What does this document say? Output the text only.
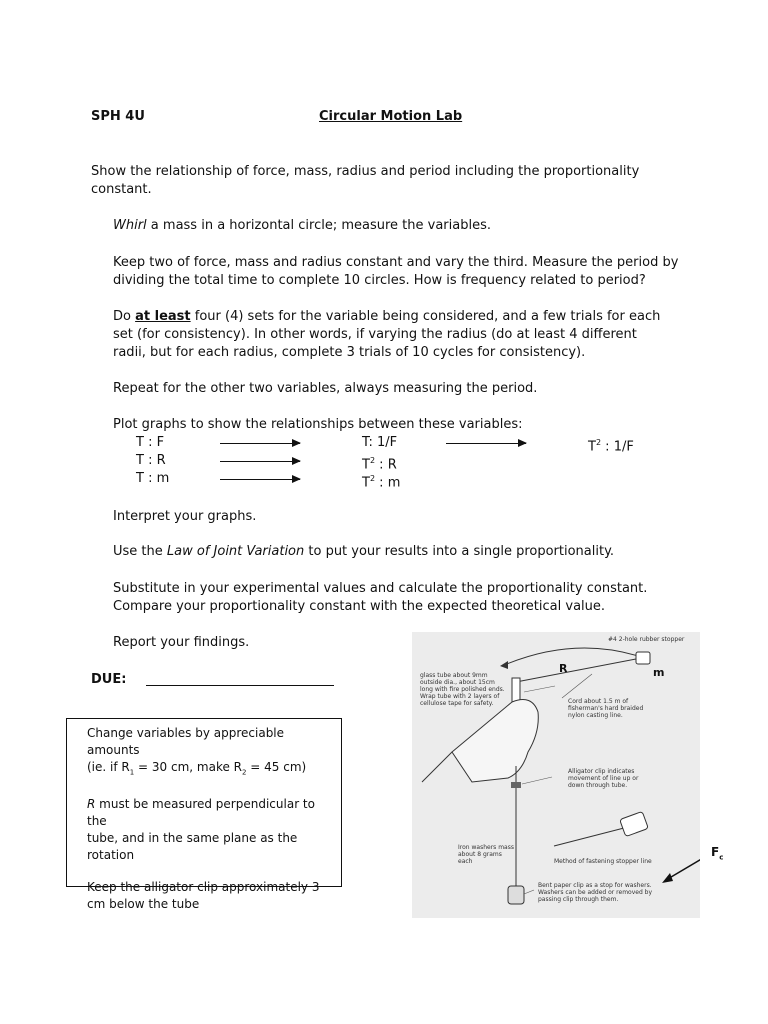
SPH 4U	Circular Motion Lab
Show the relationship of force, mass, radius and period including the proportionality
constant.
Whirl a mass in a horizontal circle; measure the variables.
Keep two of force, mass and radius constant and vary the third. Measure the period by
dividing the total time to complete 10 circles. How is frequency related to period?
Do at least four (4) sets for the variable being considered, and a few trials for each
set (for consistency). In other words, if varying the radius (do at least 4 different
radii, but for each radius, complete 3 trials of 10 cycles for consistency).
Repeat for the other two variables, always measuring the period.
Plot graphs to show the relationships between these variables:
T : F	T: 1/F	$T^2$ : 1/F
T : R	$T^2$ : R
T : m	$T^2$ : m
Interpret your graphs.
Use the Law of Joint Variation to put your results into a single proportionality.
Substitute in your experimental values and calculate the proportionality constant.
Compare your proportionality constant with the expected theoretical value.
Report your findings.
DUE:

Change variables by appreciable amounts

(ie. if $R_1 = 30$ cm, make $R_2 = 45$ cm)

R must be measured perpendicular to the

tube, and in the same plane as the

rotation

Keep the alligator clip approximately 3

cm below the tube

#4 2-hole rubber stopper
R	m
glass tube about 9mm outside dia., about 15cm long with fire polished ends. Wrap tube with 2 layers of cellulose tape for safety.	Cord about 1.5 m of fisherman's hard braided nylon casting line.
Alligator clip indicates movement of line up or down through tube.
Iron washers mass about 8 grams each	Method of fastening stopper line
Bent paper clip as a stop for washers. Washers can be added or removed by passing clip through them.
$F_c$
